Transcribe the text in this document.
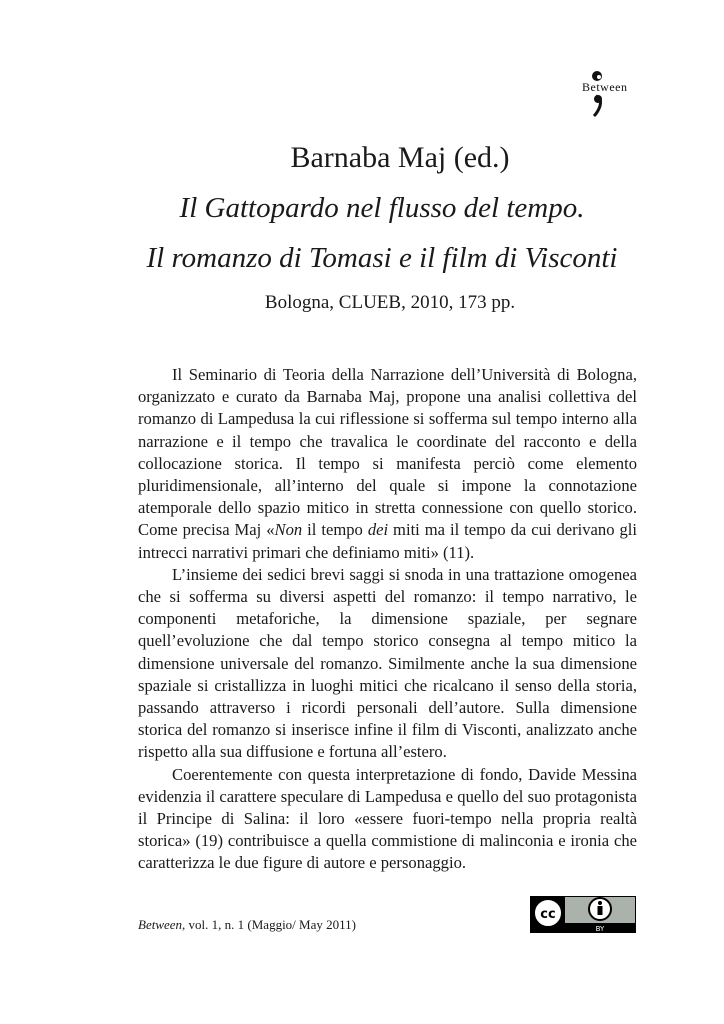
Between
Barnaba Maj (ed.)
Il Gattopardo nel flusso del tempo.
Il romanzo di Tomasi e il film di Visconti
Bologna, CLUEB, 2010, 173 pp.

Il Seminario di Teoria della Narrazione dell’Università di Bologna, organizzato e curato da Barnaba Maj, propone una analisi collettiva del romanzo di Lampedusa la cui riflessione si sofferma sul tempo interno alla narrazione e il tempo che travalica le coordinate del racconto e della collocazione storica. Il tempo si manifesta perciò come elemento pluridimensionale, all’interno del quale si impone la connotazione atemporale dello spazio mitico in stretta connessione con quello storico. Come precisa Maj «Non il tempo dei miti ma il tempo da cui derivano gli intrecci narrativi primari che definiamo miti» (11).

L’insieme dei sedici brevi saggi si snoda in una trattazione omogenea che si sofferma su diversi aspetti del romanzo: il tempo narrativo, le componenti metaforiche, la dimensione spaziale, per segnare quell’evoluzione che dal tempo storico consegna al tempo mitico la dimensione universale del romanzo. Similmente anche la sua dimensione spaziale si cristallizza in luoghi mitici che ricalcano il senso della storia, passando attraverso i ricordi personali dell’autore. Sulla dimensione storica del romanzo si inserisce infine il film di Visconti, analizzato anche rispetto alla sua diffusione e fortuna all’estero.

Coerentemente con questa interpretazione di fondo, Davide Messina evidenzia il carattere speculare di Lampedusa e quello del suo protagonista il Principe di Salina: il loro «essere fuori-tempo nella propria realtà storica» (19) contribuisce a quella commistione di malinconia e ironia che caratterizza le due figure di autore e personaggio.

Between, vol. 1, n. 1 (Maggio/ May 2011)
cc
BY
